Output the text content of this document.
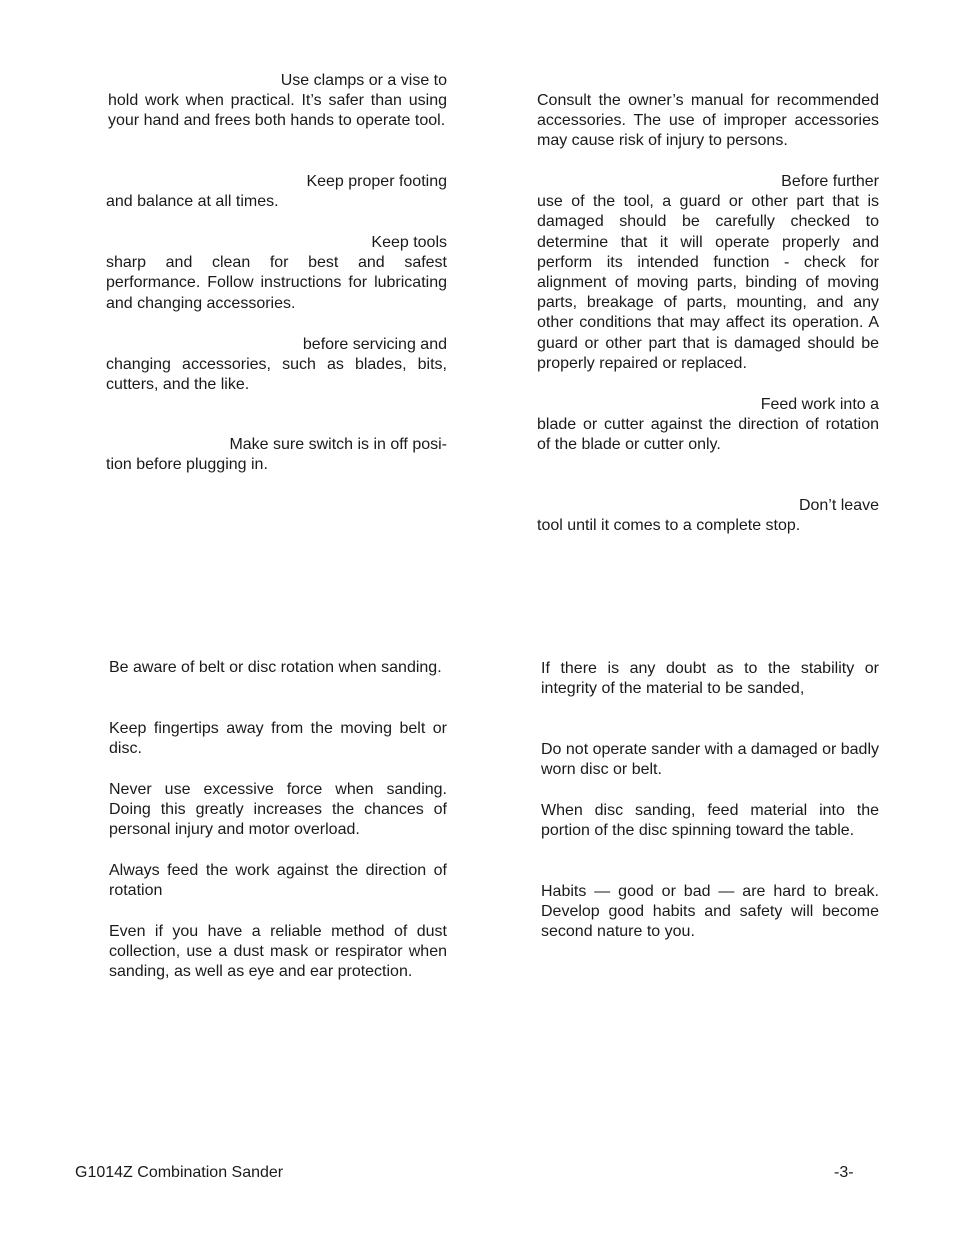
Use clamps or a vise to
hold work when practical. It’s safer than using your hand and frees both hands to operate tool.
Keep proper footing
and balance at all times.
Keep tools
sharp and clean for best and safest performance. Follow instructions for lubricating and changing accessories.
before servicing and
changing accessories, such as blades, bits, cutters, and the like.
Make sure switch is in off posi-
tion before plugging in.
Consult the owner’s manual for recommended accessories. The use of improper accessories may cause risk of injury to persons.
Before further
use of the tool, a guard or other part that is damaged should be carefully checked to determine that it will operate properly and perform its intended function - check for alignment of moving parts, binding of moving parts, breakage of parts, mounting, and any other conditions that may affect its operation. A guard or other part that is damaged should be properly repaired or replaced.
Feed work into a
blade or cutter against the direction of rotation of the blade or cutter only.
Don’t leave
tool until it comes to a complete stop.
Be aware of belt or disc rotation when sanding.
Keep fingertips away from the moving belt or disc.
Never use excessive force when sanding. Doing this greatly increases the chances of personal injury and motor overload.
Always feed the work against the direction of rotation
Even if you have a reliable method of dust collection, use a dust mask or respirator when sanding, as well as eye and ear protection.
If there is any doubt as to the stability or integrity of the material to be sanded,
Do not operate sander with a damaged or badly worn disc or belt.
When disc sanding, feed material into the portion of the disc spinning toward the table.
Habits — good or bad — are hard to break. Develop good habits and safety will become second nature to you.
G1014Z Combination Sander	-3-
